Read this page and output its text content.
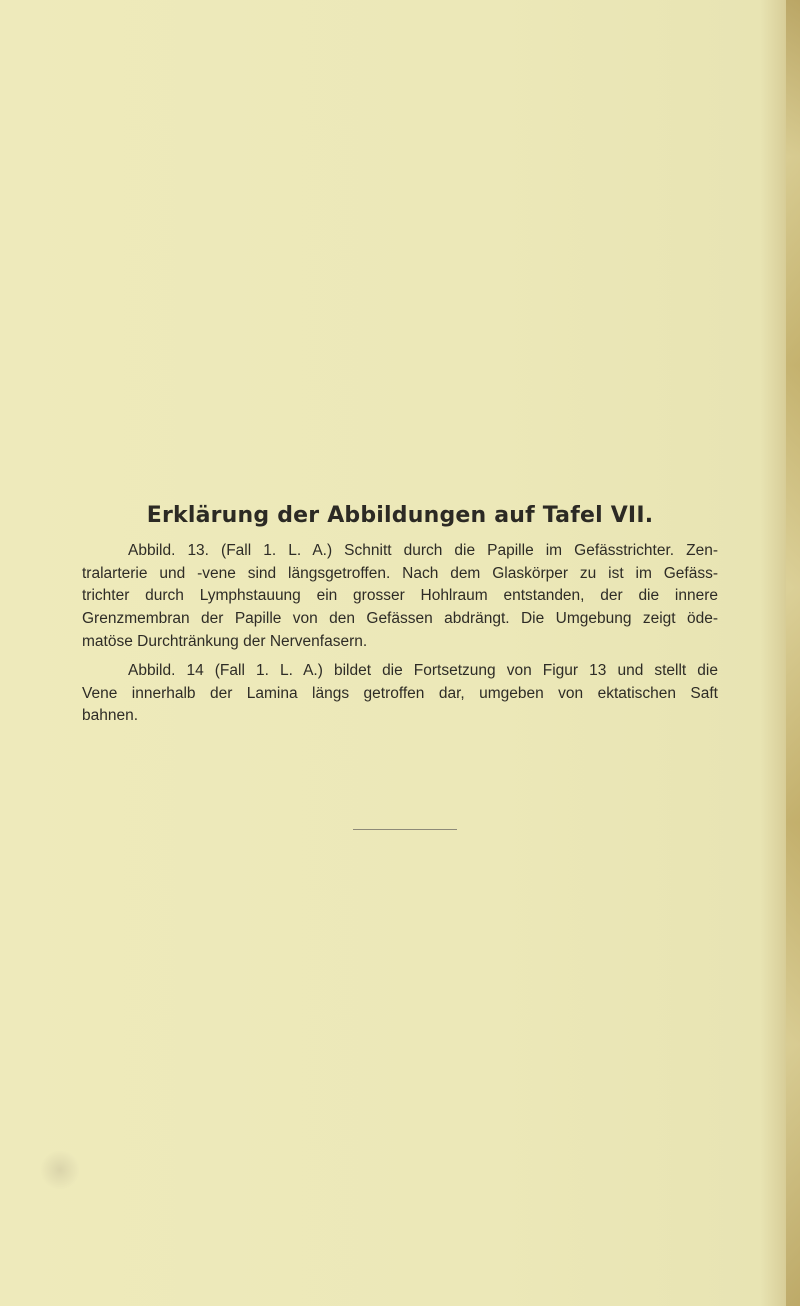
Erklärung der Abbildungen auf Tafel VII.
Abbild. 13. (Fall 1. L. A.) Schnitt durch die Papille im Gefässtrichter. Zen-
tralarterie und -vene sind längsgetroffen. Nach dem Glaskörper zu ist im Gefäss-
trichter durch Lymphstauung ein grosser Hohlraum entstanden, der die innere
Grenzmembran der Papille von den Gefässen abdrängt. Die Umgebung zeigt öde-
matöse Durchtränkung der Nervenfasern.
Abbild. 14 (Fall 1. L. A.) bildet die Fortsetzung von Figur 13 und stellt die
Vene innerhalb der Lamina längs getroffen dar, umgeben von ektatischen Saft
bahnen.
